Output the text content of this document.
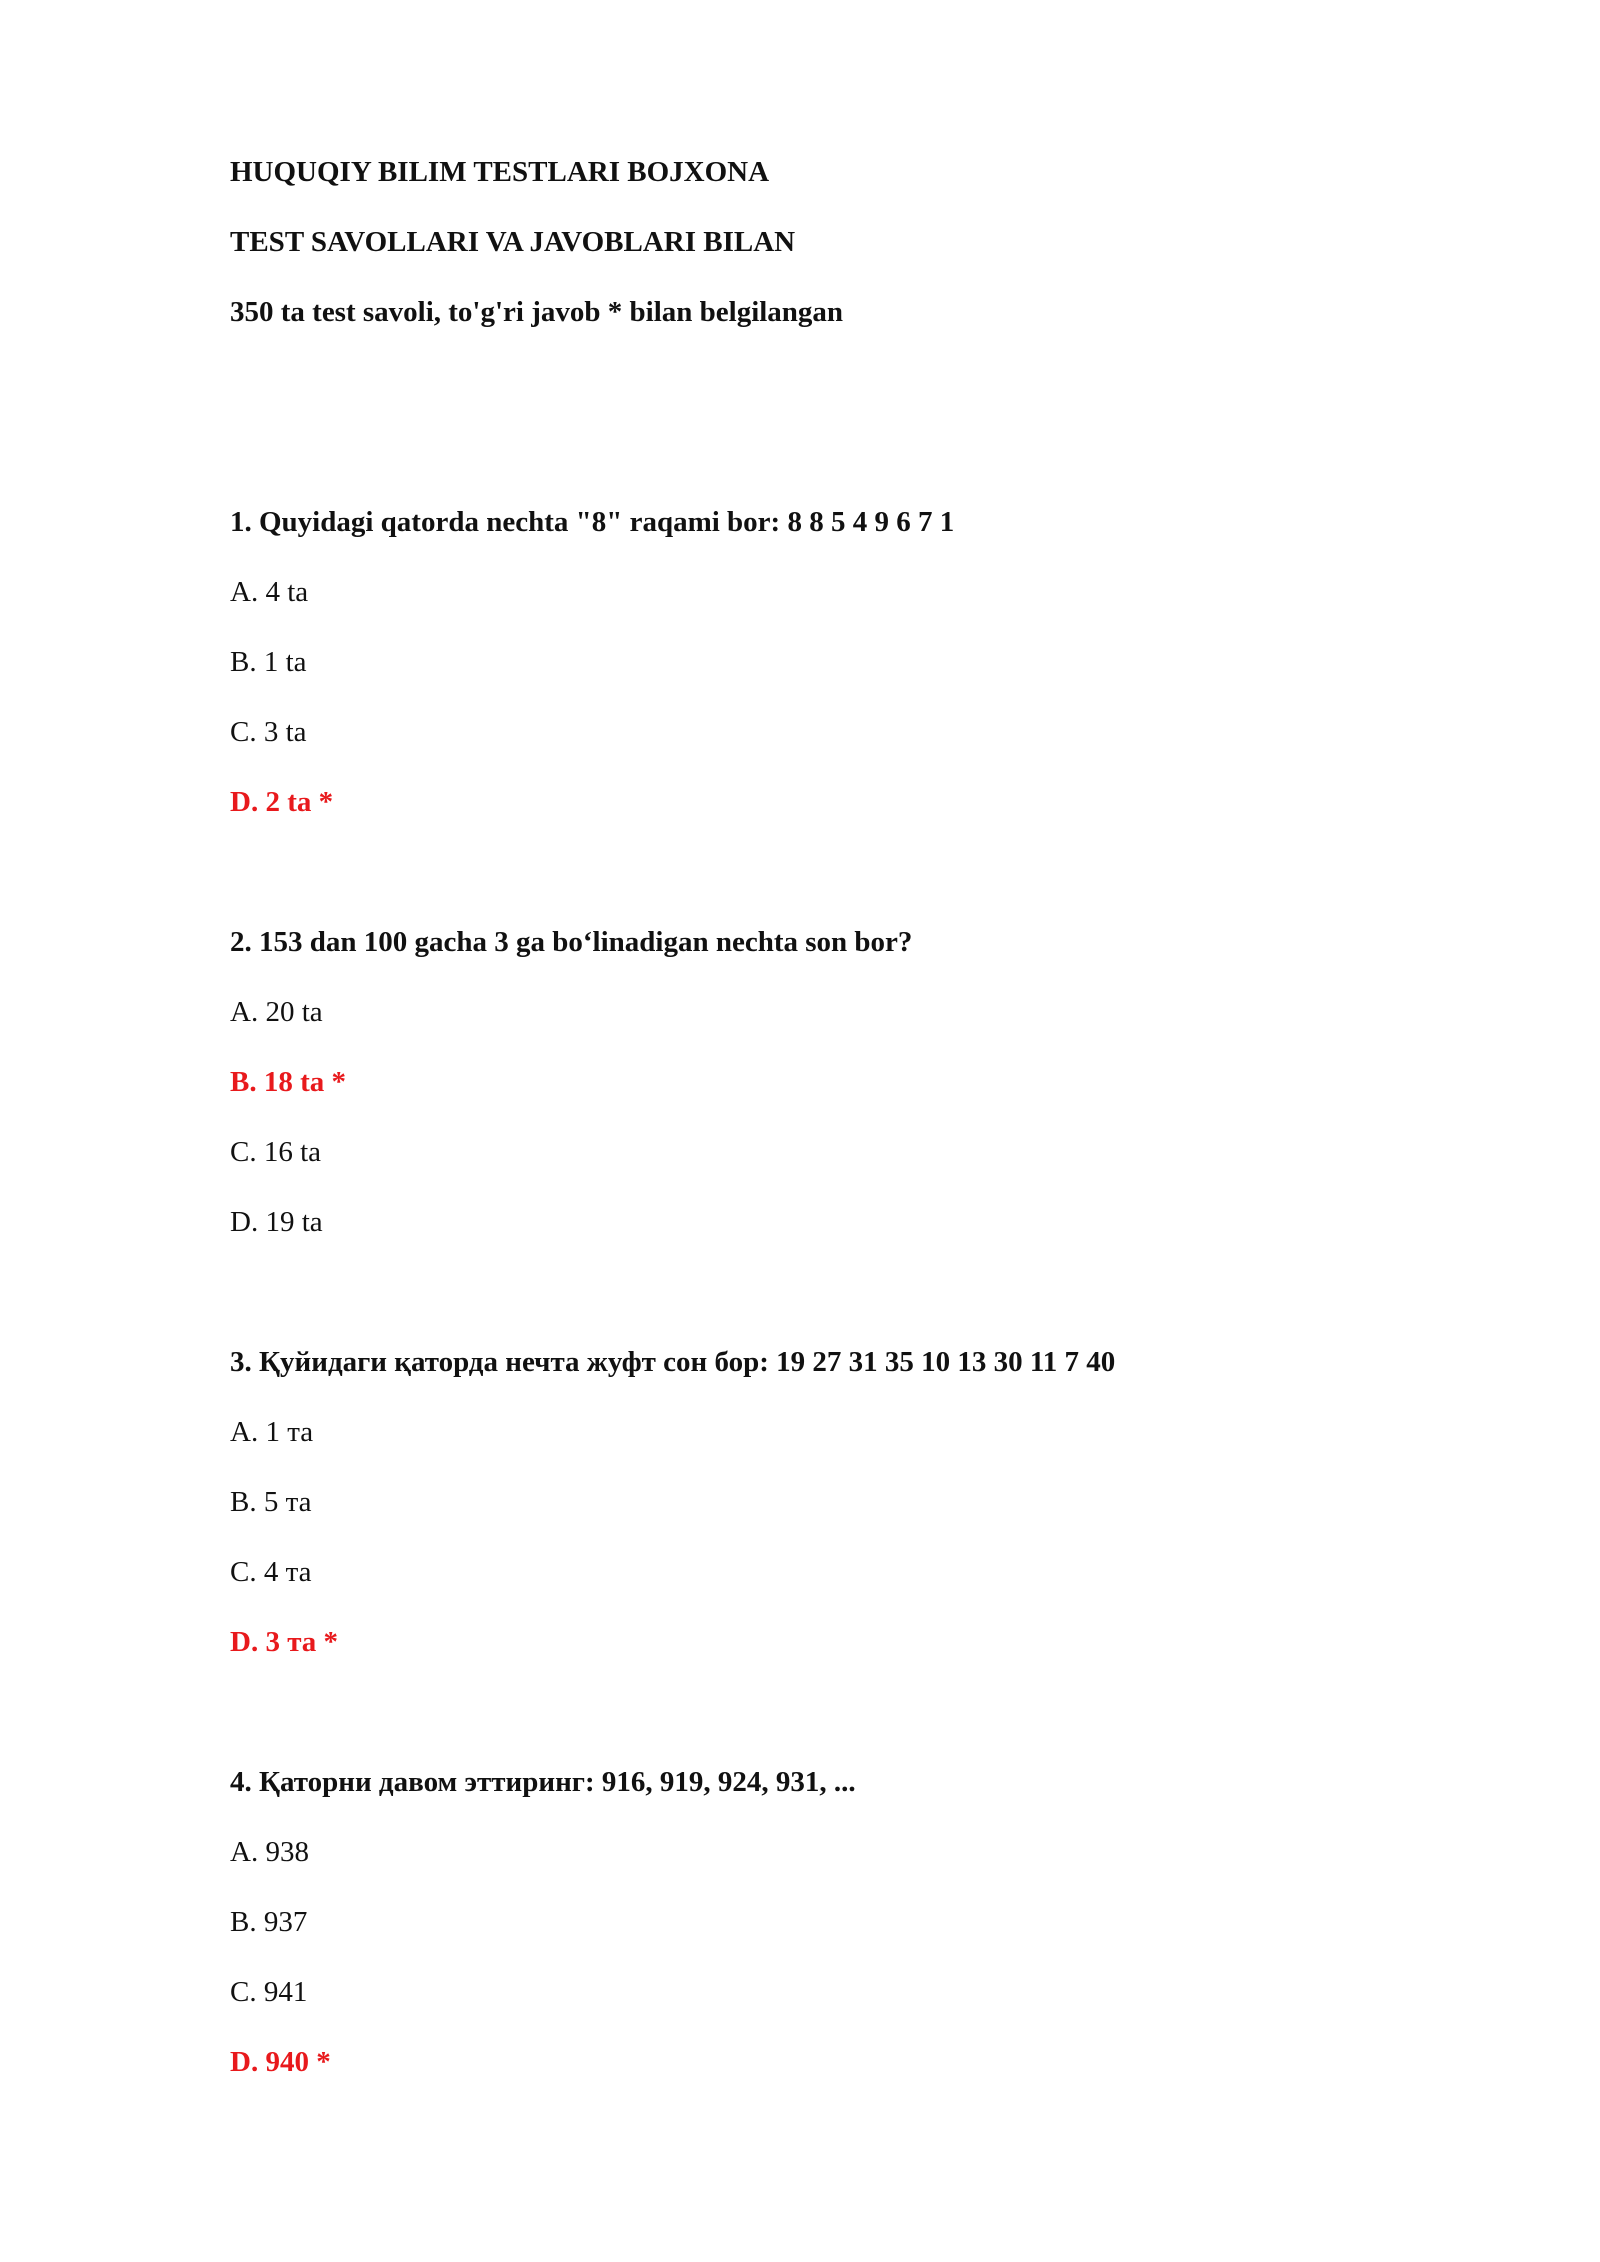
HUQUQIY BILIM TESTLARI BOJXONA
TEST SAVOLLARI VA JAVOBLARI BILAN
350 ta test savoli, to'g'ri javob * bilan belgilangan
1. Quyidagi qatorda nechta "8" raqami bor: 8 8 5 4 9 6 7 1
A. 4 ta
B. 1 ta
C. 3 ta
D. 2 ta *
2. 153 dan 100 gacha 3 ga bo‘linadigan nechta son bor?
A. 20 ta
B. 18 ta *
C. 16 ta
D. 19 ta
3. Қуйидаги қаторда нечта жуфт сон бор: 19 27 31 35 10 13 30 11 7 40
A. 1 та
B. 5 та
C. 4 та
D. 3 та *
4. Қаторни давом эттиринг: 916, 919, 924, 931, ...
A. 938
B. 937
C. 941
D. 940 *
